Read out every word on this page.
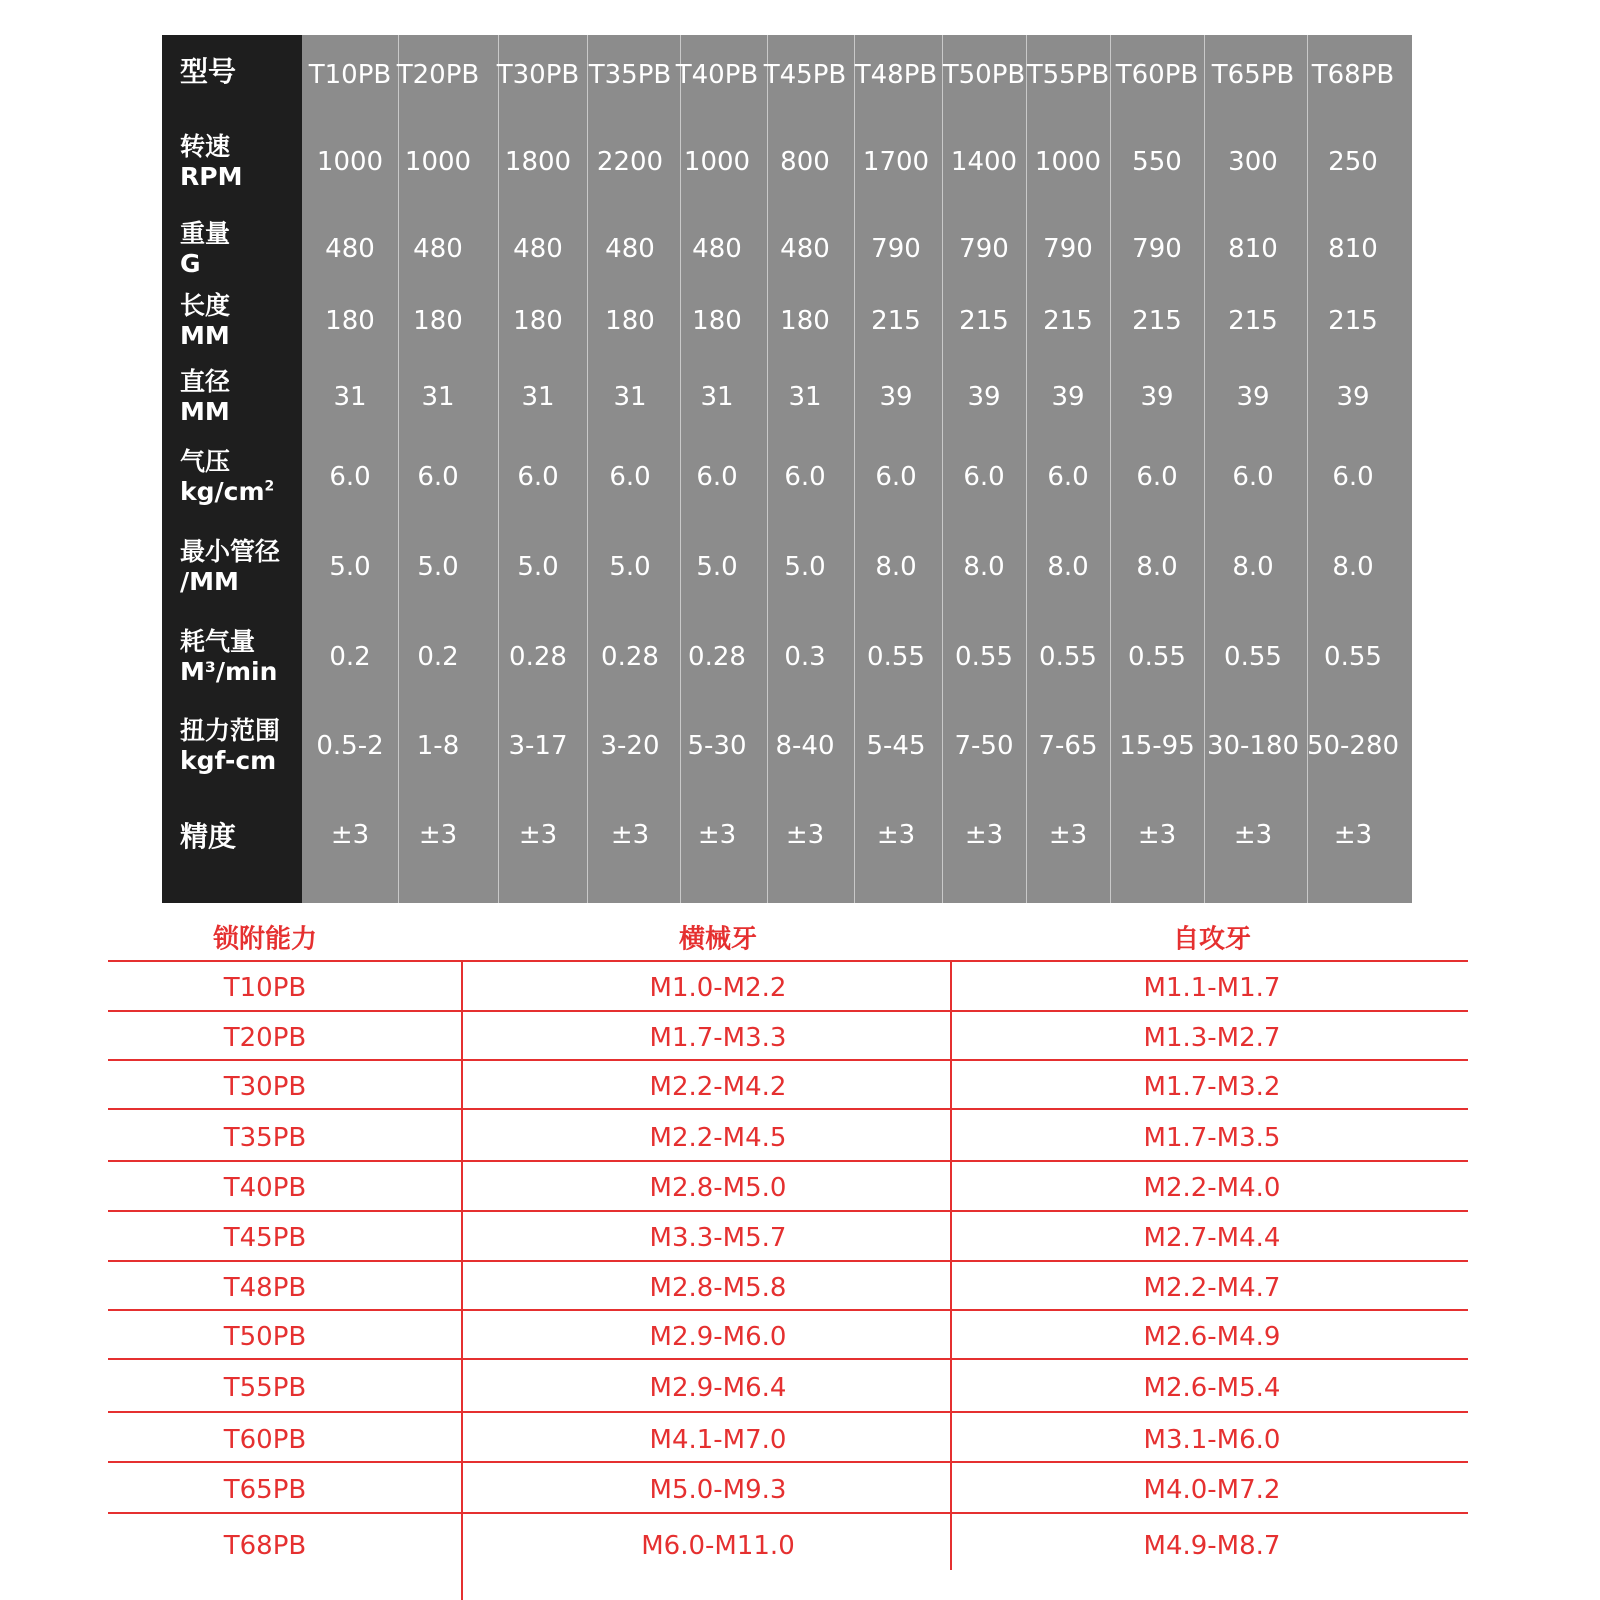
型号	T10PB T20PB T30PB T35PB T40PB T45PB T48PB T50PB T55PB T60PB T65PB T68PB
转速
RPM	1000 1000 1800 2200 1000 800 1700 1400 1000 550 300 250
重量
G	480 480 480 480 480 480 790 790 790 790 810 810
长度
MM	180 180 180 180 180 180 215 215 215 215 215 215
直径
MM	31 31	31 31 31 31 39 39 39 39 39	39
气压
$kg/cm^2$ 6.0 6.0 6.0 6.0 6.0 6.0 6.0 6.0 6.0 6.0 6.0 6.0
最小管径
/MM	5.0 5.0 5.0 5.0 5.0 5.0 8.0 8.0 8.0 8.0 8.0 8.0
耗气量
M³/min 0.2 0.2 0.28 0.28 0.28 0.3 0.55 0.55 0.55 0.55 0.55 0.55
扭力范围
kgf-cm 0.5-2 1-8 3-17 3-20 5-30 8-40 5-45 7-50 7-65 15-95 30-180 50-280
精度	±3 ±3 ±3 ±3 ±3 ±3 ±3 ±3 ±3 ±3 ±3 ±3
锁附能力	横械牙	自攻牙
T10PB	M1.0-M2.2	M1.1-M1.7
T20PB	M1.7-M3.3	M1.3-M2.7
T30PB	M2.2-M4.2	M1.7-M3.2
T35PB	M2.2-M4.5	M1.7-M3.5
T40PB	M2.8-M5.0	M2.2-M4.0
T45PB	M3.3-M5.7	M2.7-M4.4
T48PB	M2.8-M5.8	M2.2-M4.7
T50PB	M2.9-M6.0	M2.6-M4.9
T55PB	M2.9-M6.4	M2.6-M5.4
T60PB	M4.1-M7.0	M3.1-M6.0
T65PB	M5.0-M9.3	M4.0-M7.2
T68PB	M6.0-M11.0	M4.9-M8.7
